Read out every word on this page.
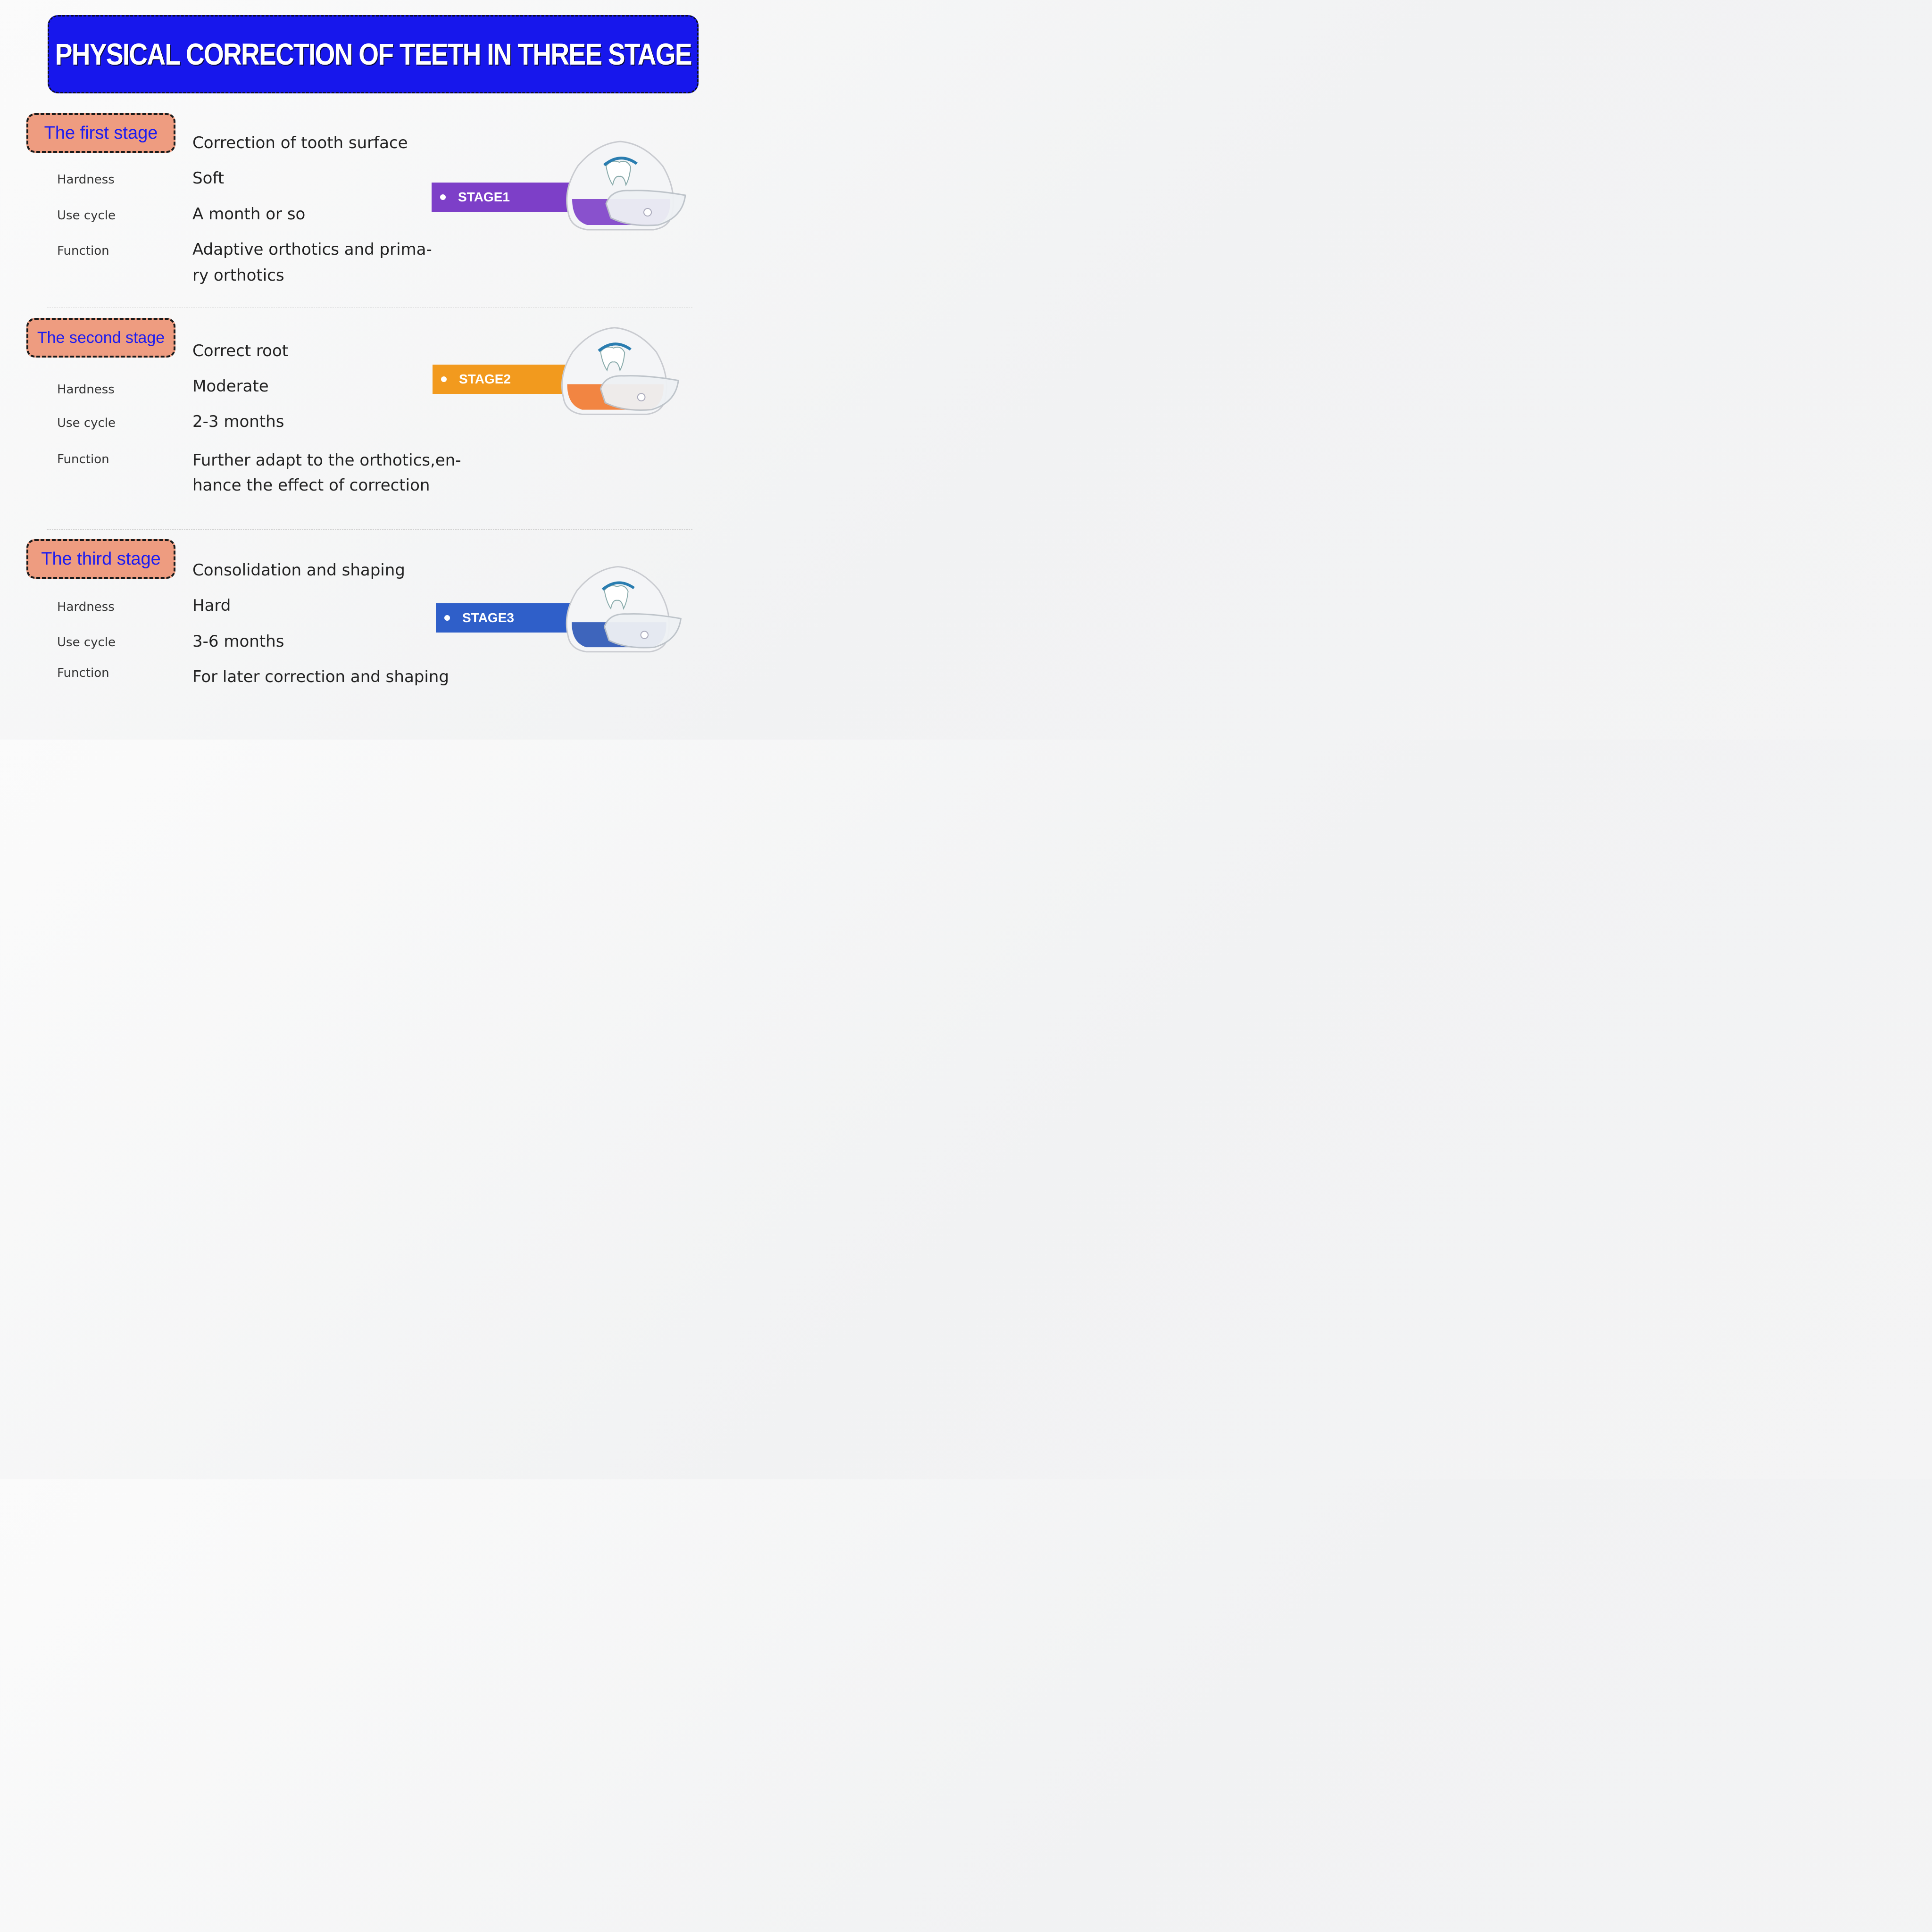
PHYSICAL CORRECTION OF TEETH IN THREE STAGE
The first stage
Correction of tooth surface
Hardness	Soft
Use cycle	A month or so
Function	Adaptive orthotics and prima-
ry orthotics
STAGE1
The second stage
Correct root
Hardness	Moderate
Use cycle	2-3 months
Function	Further adapt to the orthotics,en-
hance the effect of correction
STAGE2
The third stage
Consolidation and shaping
Hardness	Hard
Use cycle	3-6 months
Function	For later correction and shaping
STAGE3
